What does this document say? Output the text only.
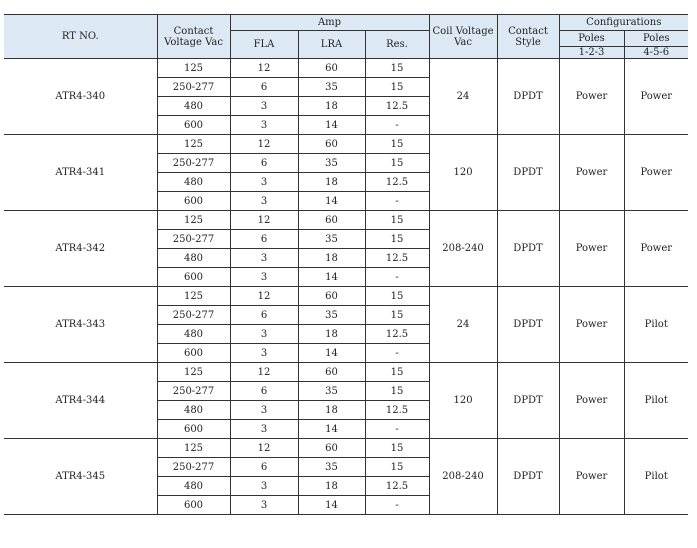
RT NO.	Contact Voltage Vac	Amp			Coil Voltage Vac	Contact Style	Configurations	
		FLA	LRA	Res.			Poles	Poles
							1-2-3	4-5-6
ATR4-340	125	12	60	15	24	DPDT	Power	Power
	250-277	6	35	15				
	480	3	18	12.5				
	600	3	14	-				
ATR4-341	125	12	60	15	120	DPDT	Power	Power
	250-277	6	35	15				
	480	3	18	12.5				
	600	3	14	-				
ATR4-342	125	12	60	15	208-240	DPDT	Power	Power
	250-277	6	35	15				
	480	3	18	12.5				
	600	3	14	-				
ATR4-343	125	12	60	15	24	DPDT	Power	Pilot
	250-277	6	35	15				
	480	3	18	12.5				
	600	3	14	-				
ATR4-344	125	12	60	15	120	DPDT	Power	Pilot
	250-277	6	35	15				
	480	3	18	12.5				
	600	3	14	-				
ATR4-345	125	12	60	15	208-240	DPDT	Power	Pilot
	250-277	6	35	15				
	480	3	18	12.5				
	600	3	14	-				
